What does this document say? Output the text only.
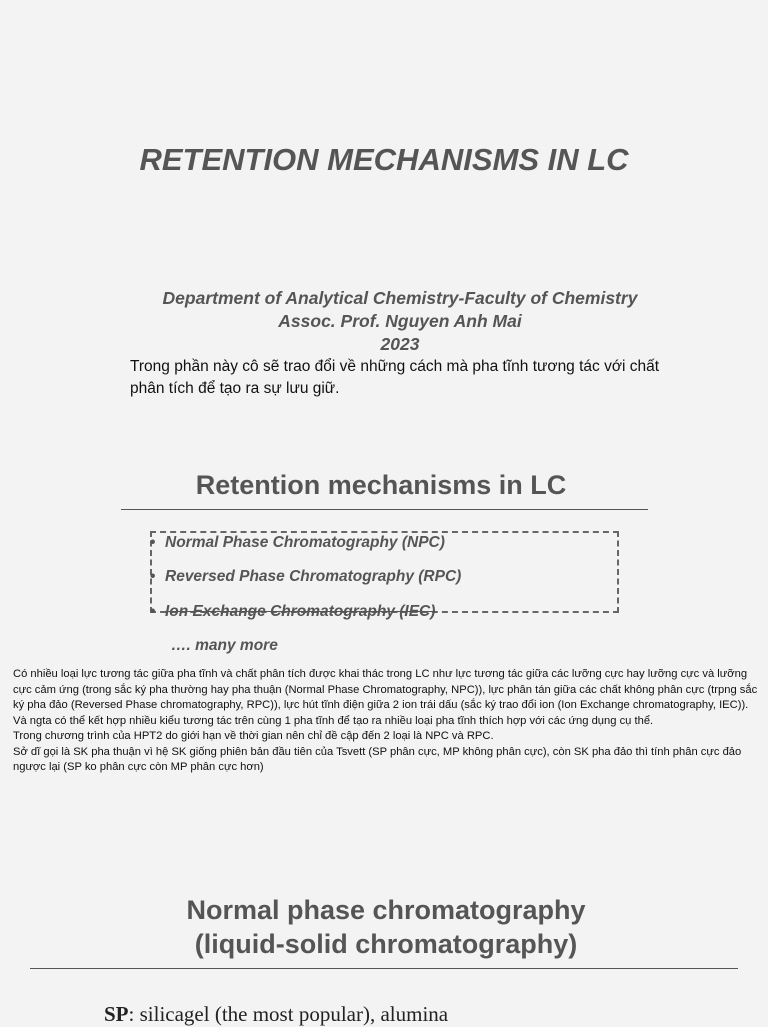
RETENTION MECHANISMS IN LC
Department of Analytical Chemistry-Faculty of Chemistry
Assoc. Prof. Nguyen Anh Mai
2023
Trong phần này cô sẽ trao đổi về những cách mà pha tĩnh tương tác với chất phân tích để tạo ra sự lưu giữ.
Retention mechanisms in LC
• Normal Phase Chromatography (NPC)
• Reversed Phase Chromatography (RPC)
• Ion Exchange Chromatography (IEC)
…. many more

Có nhiều loại lực tương tác giữa pha tĩnh và chất phân tích được khai thác trong LC như lực tương tác giữa các lưỡng cực hay lưỡng cực và lưỡng cực cảm ứng (trong sắc ký pha thường hay pha thuận (Normal Phase Chromatography, NPC)), lực phân tán giữa các chất không phân cực (trpng sắc ký pha đảo (Reversed Phase chromatography, RPC)), lực hút tĩnh điện giữa 2 ion trái dấu (sắc ký trao đổi ion (Ion Exchange chromatography, IEC)). Và ngta có thể kết hợp nhiều kiểu tương tác trên cùng 1 pha tĩnh để tạo ra nhiều loại pha tĩnh thích hợp với các ứng dụng cụ thể.

Trong chương trình của HPT2 do giới hạn về thời gian nên chỉ đề cập đến 2 loại là NPC và RPC.

Sở dĩ gọi là SK pha thuận vì hệ SK giống phiên bản đầu tiên của Tsvett (SP phân cực, MP không phân cực), còn SK pha đảo thì tính phân cực đảo ngược lại (SP ko phân cực còn MP phân cực hơn)

Normal phase chromatography
(liquid-solid chromatography)
SP: silicagel (the most popular), alumina
